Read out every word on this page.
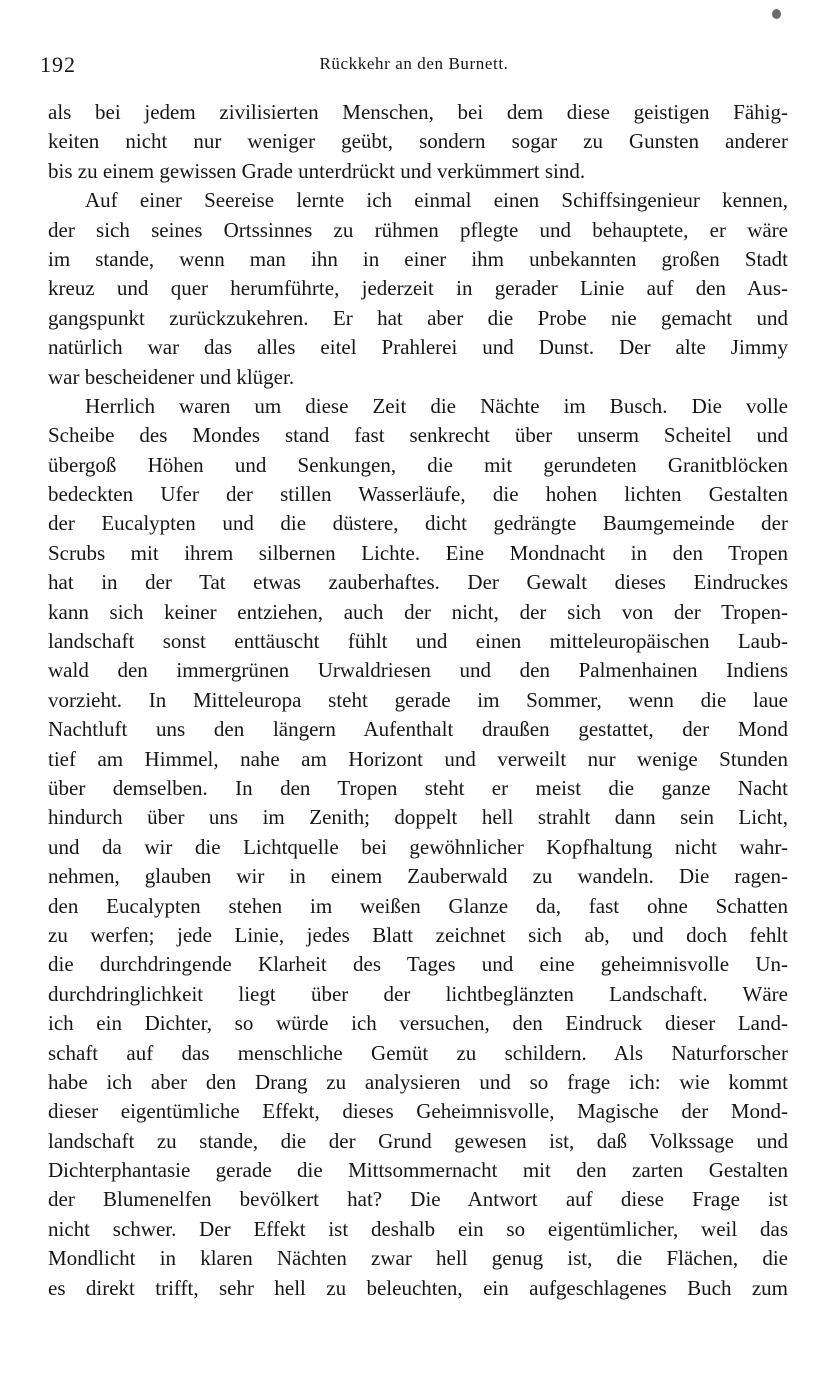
192	Rückkehr an den Burnett.
als bei jedem zivilisierten Menschen, bei dem diese geistigen Fähig-
keiten nicht nur weniger geübt, sondern sogar zu Gunsten anderer
bis zu einem gewissen Grade unterdrückt und verkümmert sind.
Auf einer Seereise lernte ich einmal einen Schiffsingenieur kennen,
der sich seines Ortssinnes zu rühmen pflegte und behauptete, er wäre
im stande, wenn man ihn in einer ihm unbekannten großen Stadt
kreuz und quer herumführte, jederzeit in gerader Linie auf den Aus-
gangspunkt zurückzukehren. Er hat aber die Probe nie gemacht und
natürlich war das alles eitel Prahlerei und Dunst. Der alte Jimmy
war bescheidener und klüger.
Herrlich waren um diese Zeit die Nächte im Busch. Die volle
Scheibe des Mondes stand fast senkrecht über unserm Scheitel und
übergoß Höhen und Senkungen, die mit gerundeten Granitblöcken
bedeckten Ufer der stillen Wasserläufe, die hohen lichten Gestalten
der Eucalypten und die düstere, dicht gedrängte Baumgemeinde der
Scrubs mit ihrem silbernen Lichte. Eine Mondnacht in den Tropen
hat in der Tat etwas zauberhaftes. Der Gewalt dieses Eindruckes
kann sich keiner entziehen, auch der nicht, der sich von der Tropen-
landschaft sonst enttäuscht fühlt und einen mitteleuropäischen Laub-
wald den immergrünen Urwaldriesen und den Palmenhainen Indiens
vorzieht. In Mitteleuropa steht gerade im Sommer, wenn die laue
Nachtluft uns den längern Aufenthalt draußen gestattet, der Mond
tief am Himmel, nahe am Horizont und verweilt nur wenige Stunden
über demselben. In den Tropen steht er meist die ganze Nacht
hindurch über uns im Zenith; doppelt hell strahlt dann sein Licht,
und da wir die Lichtquelle bei gewöhnlicher Kopfhaltung nicht wahr-
nehmen, glauben wir in einem Zauberwald zu wandeln. Die ragen-
den Eucalypten stehen im weißen Glanze da, fast ohne Schatten
zu werfen; jede Linie, jedes Blatt zeichnet sich ab, und doch fehlt
die durchdringende Klarheit des Tages und eine geheimnisvolle Un-
durchdringlichkeit liegt über der lichtbeglänzten Landschaft. Wäre
ich ein Dichter, so würde ich versuchen, den Eindruck dieser Land-
schaft auf das menschliche Gemüt zu schildern. Als Naturforscher
habe ich aber den Drang zu analysieren und so frage ich: wie kommt
dieser eigentümliche Effekt, dieses Geheimnisvolle, Magische der Mond-
landschaft zu stande, die der Grund gewesen ist, daß Volkssage und
Dichterphantasie gerade die Mittsommernacht mit den zarten Gestalten
der Blumenelfen bevölkert hat? Die Antwort auf diese Frage ist
nicht schwer. Der Effekt ist deshalb ein so eigentümlicher, weil das
Mondlicht in klaren Nächten zwar hell genug ist, die Flächen, die
es direkt trifft, sehr hell zu beleuchten, ein aufgeschlagenes Buch zum
